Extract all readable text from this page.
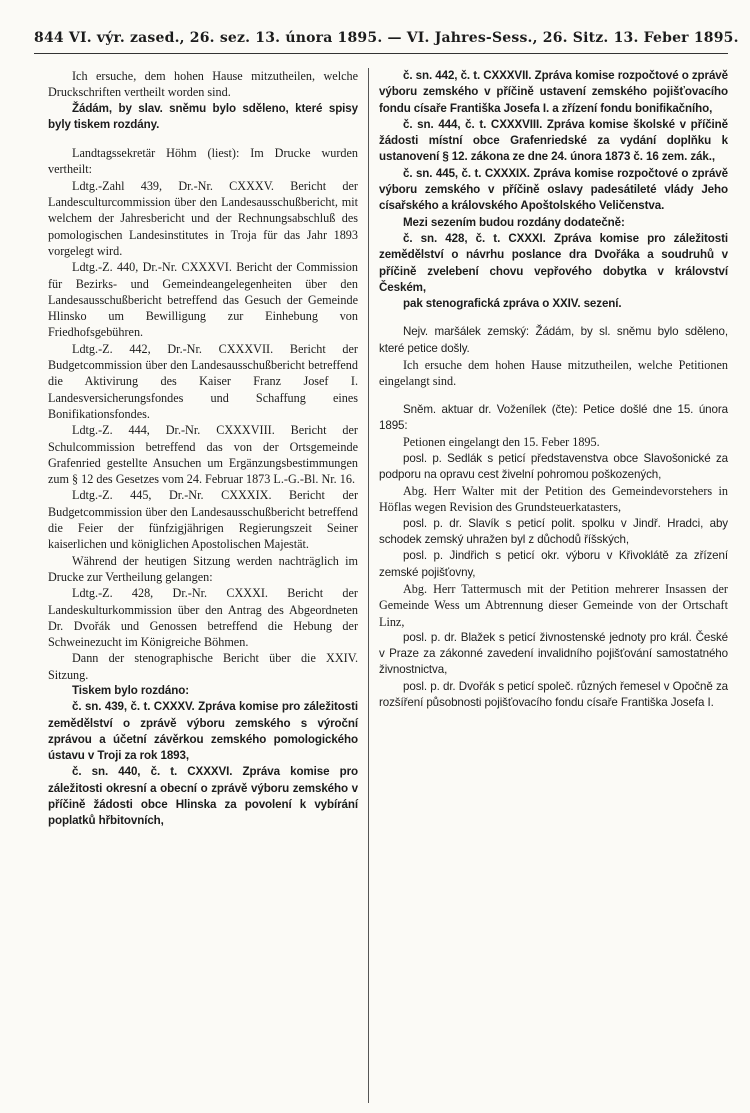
844 VI. výr. zased., 26. sez. 13. února 1895. — VI. Jahres-Sess., 26. Sitz. 13. Feber 1895.

Ich ersuche, dem hohen Hause mitzutheilen, welche Druckschriften vertheilt worden sind.

Žádám, by slav. sněmu bylo sděleno, které spisy byly tiskem rozdány.

Landtagssekretär Höhm (liest): Im Drucke wurden vertheilt:

Ldtg.-Zahl 439, Dr.-Nr. CXXXV. Bericht der Landesculturcommission über den Landesausschußbericht, mit welchem der Jahresbericht und der Rechnungsabschluß des pomologischen Landesinstitutes in Troja für das Jahr 1893 vorgelegt wird.

Ldtg.-Z. 440, Dr.-Nr. CXXXVI. Bericht der Commission für Bezirks- und Gemeindeangelegenheiten über den Landesausschußbericht betreffend das Gesuch der Gemeinde Hlinsko um Bewilligung zur Einhebung von Friedhofsgebühren.

Ldtg.-Z. 442, Dr.-Nr. CXXXVII. Bericht der Budgetcommission über den Landesausschußbericht betreffend die Aktivirung des Kaiser Franz Josef I. Landesversicherungsfondes und Schaffung eines Bonifikationsfondes.

Ldtg.-Z. 444, Dr.-Nr. CXXXVIII. Bericht der Schulcommission betreffend das von der Ortsgemeinde Grafenried gestellte Ansuchen um Ergänzungsbestimmungen zum § 12 des Gesetzes vom 24. Februar 1873 L.-G.-Bl. Nr. 16.

Ldtg.-Z. 445, Dr.-Nr. CXXXIX. Bericht der Budgetcommission über den Landesausschußbericht betreffend die Feier der fünfzigjährigen Regierungszeit Seiner kaiserlichen und königlichen Apostolischen Majestät.

Während der heutigen Sitzung werden nachträglich im Drucke zur Vertheilung gelangen:

Ldtg.-Z. 428, Dr.-Nr. CXXXI. Bericht der Landeskulturkommission über den Antrag des Abgeordneten Dr. Dvořák und Genossen betreffend die Hebung der Schweinezucht im Königreiche Böhmen.

Dann der stenographische Bericht über die XXIV. Sitzung.

Tiskem bylo rozdáno:

č. sn. 439, č. t. CXXXV. Zpráva komise pro záležitosti zemědělství o zprávě výboru zemského s výroční zprávou a účetní závěrkou zemského pomologického ústavu v Troji za rok 1893,

č. sn. 440, č. t. CXXXVI. Zpráva komise pro záležitosti okresní a obecní o zprávě výboru zemského v příčině žádosti obce Hlinska za povolení k vybírání poplatků hřbitovních,

č. sn. 442, č. t. CXXXVII. Zpráva komise rozpočtové o zprávě výboru zemského v příčině ustavení zemského pojišťovacího fondu císaře Františka Josefa I. a zřízení fondu bonifikačního,

č. sn. 444, č. t. CXXXVIII. Zpráva komise školské v příčině žádosti místní obce Grafenriedské za vydání doplňku k ustanovení § 12. zákona ze dne 24. února 1873 č. 16 zem. zák.,

č. sn. 445, č. t. CXXXIX. Zpráva komise rozpočtové o zprávě výboru zemského v příčině oslavy padesátileté vlády Jeho císařského a královského Apoštolského Veličenstva.

Mezi sezením budou rozdány dodatečně:

č. sn. 428, č. t. CXXXI. Zpráva komise pro záležitosti zemědělství o návrhu poslance dra Dvořáka a soudruhů v příčině zvelebení chovu vepřového dobytka v království Českém,

pak stenografická zpráva o XXIV. sezení.

Nejv. maršálek zemský: Žádám, by sl. sněmu bylo sděleno, které petice došly.

Ich ersuche dem hohen Hause mitzutheilen, welche Petitionen eingelangt sind.

Sněm. aktuar dr. Voženílek (čte): Petice došlé dne 15. února 1895:

Petionen eingelangt den 15. Feber 1895.

posl. p. Sedlák s peticí představenstva obce Slavošonické za podporu na opravu cest živelní pohromou poškozených,

Abg. Herr Walter mit der Petition des Gemeindevorstehers in Höflas wegen Revision des Grundsteuerkatasters,

posl. p. dr. Slavík s peticí polit. spolku v Jindř. Hradci, aby schodek zemský uhražen byl z důchodů říšských,

posl. p. Jindřich s peticí okr. výboru v Křivoklátě za zřízení zemské pojišťovny,

Abg. Herr Tattermusch mit der Petition mehrerer Insassen der Gemeinde Wess um Abtrennung dieser Gemeinde von der Ortschaft Linz,

posl. p. dr. Blažek s peticí živnostenské jednoty pro král. České v Praze za zákonné zavedení invalidního pojišťování samostatného živnostnictva,

posl. p. dr. Dvořák s peticí společ. různých řemesel v Opočně za rozšíření působnosti pojišťovacího fondu císaře Františka Josefa I.
